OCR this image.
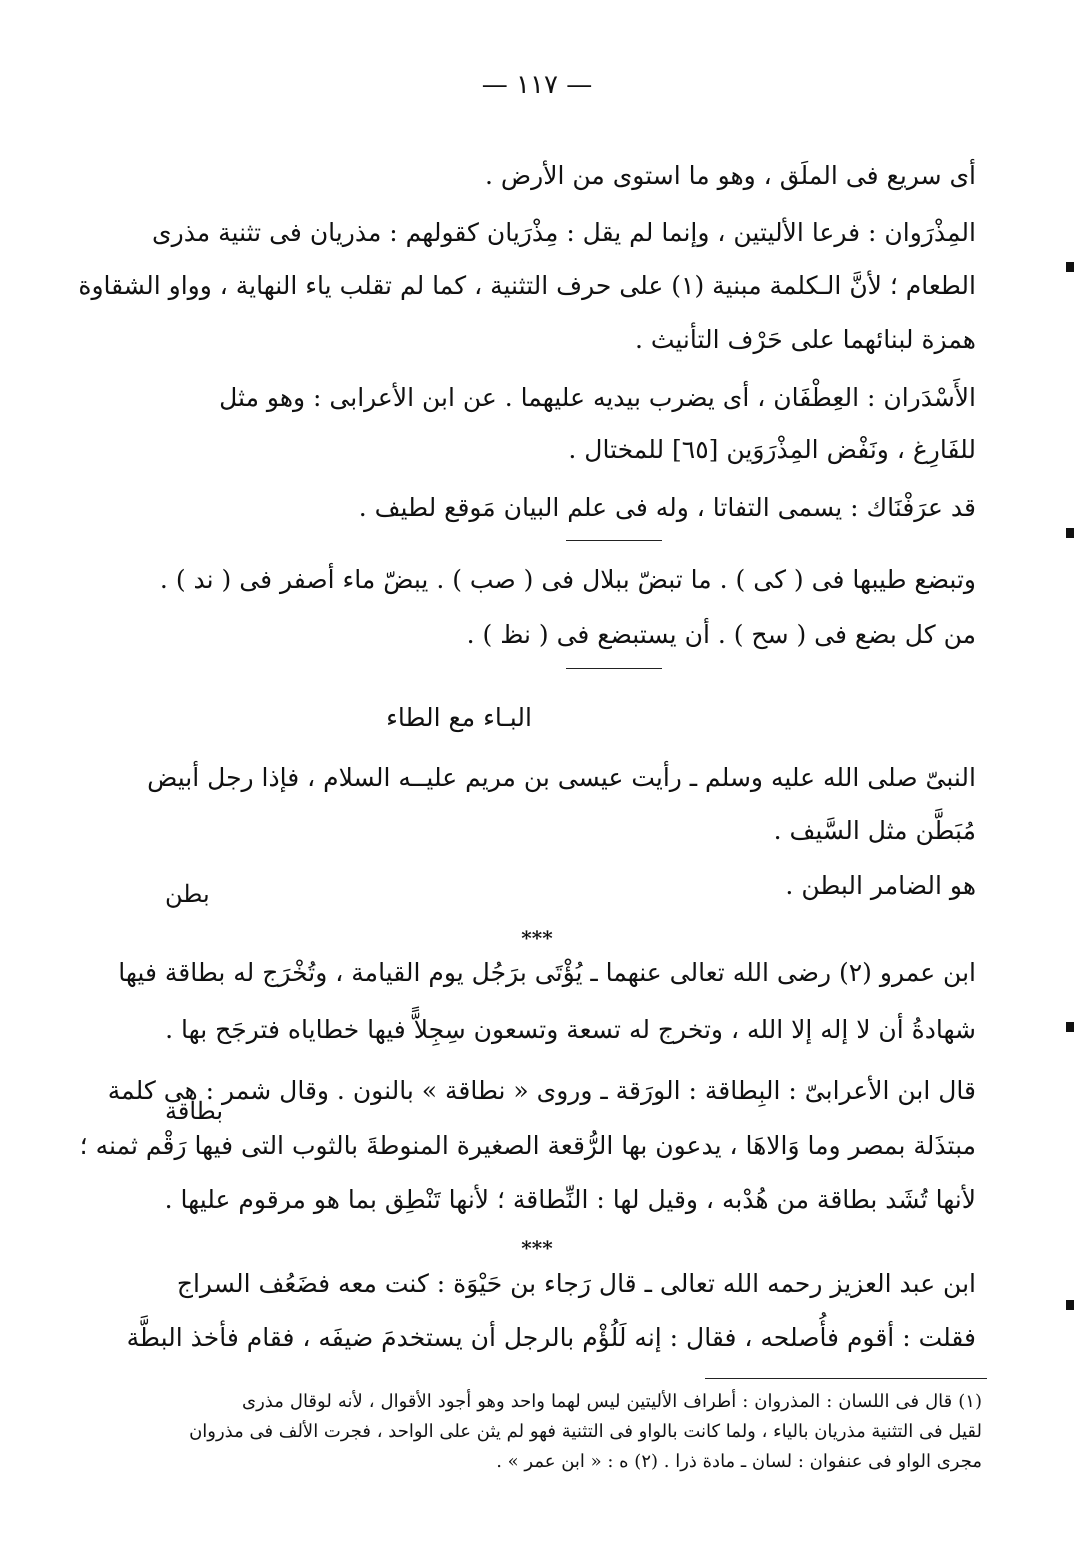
— ١١٧ —
أى سريع فى الملَق ، وهو ما استوى من الأرض .
المِذْرَوان : فرعا الأليتين ، وإنما لم يقل : مِذْرَيان كقولهم : مذريان فى تثنية مذرى
الطعام ؛ لأنَّ الـكلمة مبنية (١) على حرف التثنية ، كما لم تقلب ياء النهاية ، وواو الشقاوة
همزة لبنائهما على حَرْف التأنيث .
الأَسْدَران : العِطْفَان ، أى يضرب بيديه عليهما . عن ابن الأعرابى : وهو مثل
للفَارِغ ، ونَفْض المِذْرَوَين [٦٥] للمختال .
قد عرَفْنَاك : يسمى التفاتا ، وله فى علم البيان مَوقع لطيف .
وتبضع طيبها فى ( كى ) . ما تبضّ ببلال فى ( صب ) . يبضّ ماء أصفر فى ( ند ) .
من كل بضع فى ( سح ) . أن يستبضع فى ( نظ ) .
البـاء مع الطاء
النبىّ صلى الله عليه وسلم ـ رأيت عيسى بن مريم عليــه السلام ، فإذا رجل أبيض
مُبَطَّن مثل السَّيف .
هو الضامر البطن .
بطن
***
ابن عمرو (٢) رضى الله تعالى عنهما ـ يُؤْتَى برَجُل يوم القيامة ، وتُخْرَج له بطاقة فيها
شهادةُ أن لا إله إلا الله ، وتخرج له تسعة وتسعون سِجِلاًّ فيها خطاياه فترجَح بها .
بطاقة
قال ابن الأعرابىّ : البِطاقة : الورَقة ـ وروى « نطاقة » بالنون . وقال شمر : هى كلمة
مبتذَلة بمصر وما وَالاهَا ، يدعون بها الرُّقعة الصغيرة المنوطةَ بالثوب التى فيها رَقْم ثمنه ؛
لأنها تُشَد بطاقة من هُدْبه ، وقيل لها : النِّطاقة ؛ لأنها تَنْطِق بما هو مرقوم عليها .
***
ابن عبد العزيز رحمه الله تعالى ـ قال رَجاء بن حَيْوَة : كنت معه فضَعُف السراج
فقلت : أقوم فأُصلحه ، فقال : إنه لَلُؤْم بالرجل أن يستخدمَ ضيفَه ، فقام فأخذ البطَّة
(١) قال فى اللسان : المذروان : أطراف الأليتين ليس لهما واحد وهو أجود الأقوال ، لأنه لوقال مذرى
لقيل فى التثنية مذريان بالياء ، ولما كانت بالواو فى التثنية فهو لم يثن على الواحد ، فجرت الألف فى مذروان
مجرى الواو فى عنفوان : لسان ـ مادة ذرا . (٢) ه : « ابن عمر » .
